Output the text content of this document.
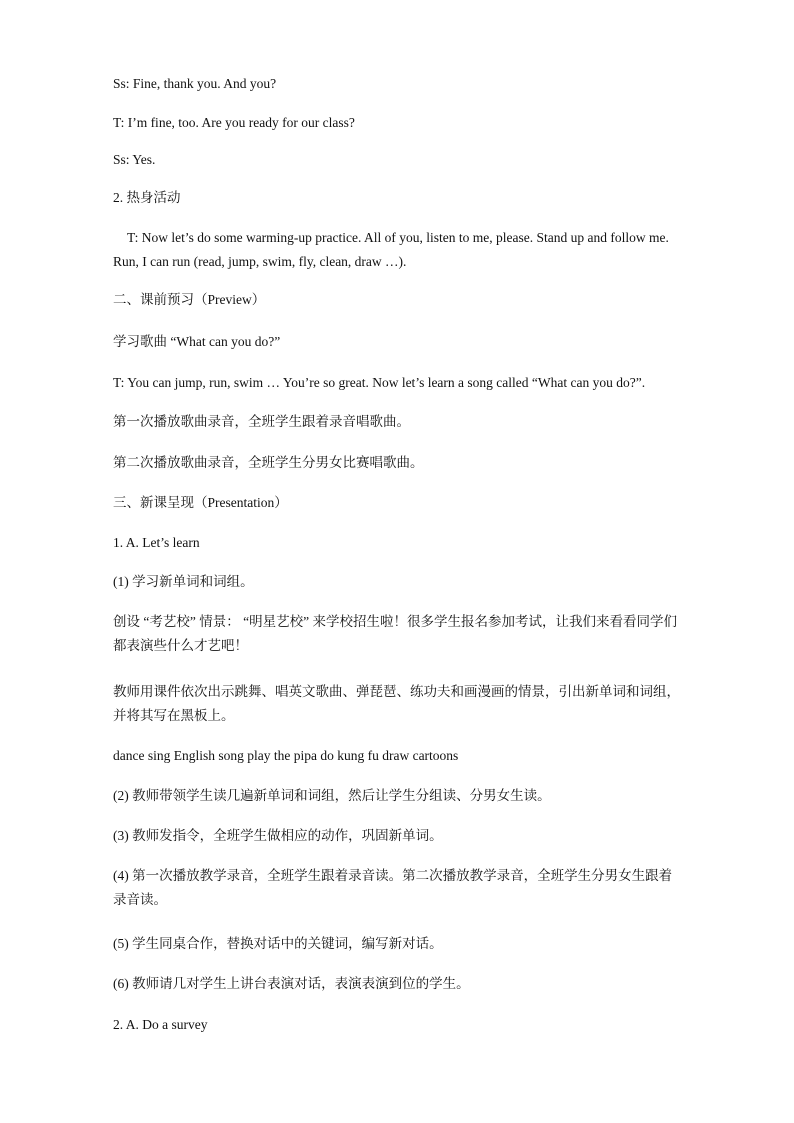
Ss: Fine, thank you. And you?
T: I’m fine, too. Are you ready for our class?
Ss: Yes.
2. 热身活动
T: Now let’s do some warming-up practice. All of you, listen to me, please. Stand up and follow me. Run, I can run (read, jump, swim, fly, clean, draw …).
二、课前预习（Preview）
学习歌曲 “What can you do?”
T: You can jump, run, swim … You’re so great. Now let’s learn a song called “What can you do?”.
第一次播放歌曲录音，全班学生跟着录音唱歌曲。
第二次播放歌曲录音，全班学生分男女比赛唱歌曲。
三、新课呈现（Presentation）
1. A. Let’s learn
(1) 学习新单词和词组。
创设 “考艺校” 情景： “明星艺校” 来学校招生啦！很多学生报名参加考试，让我们来看看同学们都表演些什么才艺吧！
教师用课件依次出示跳舞、唱英文歌曲、弹琵琶、练功夫和画漫画的情景，引出新单词和词组，并将其写在黑板上。
dance sing English song play the pipa do kung fu draw cartoons
(2) 教师带领学生读几遍新单词和词组，然后让学生分组读、分男女生读。
(3) 教师发指令，全班学生做相应的动作，巩固新单词。
(4) 第一次播放教学录音，全班学生跟着录音读。第二次播放教学录音，全班学生分男女生跟着录音读。
(5) 学生同桌合作，替换对话中的关键词，编写新对话。
(6) 教师请几对学生上讲台表演对话，表演表演到位的学生。
2. A. Do a survey
